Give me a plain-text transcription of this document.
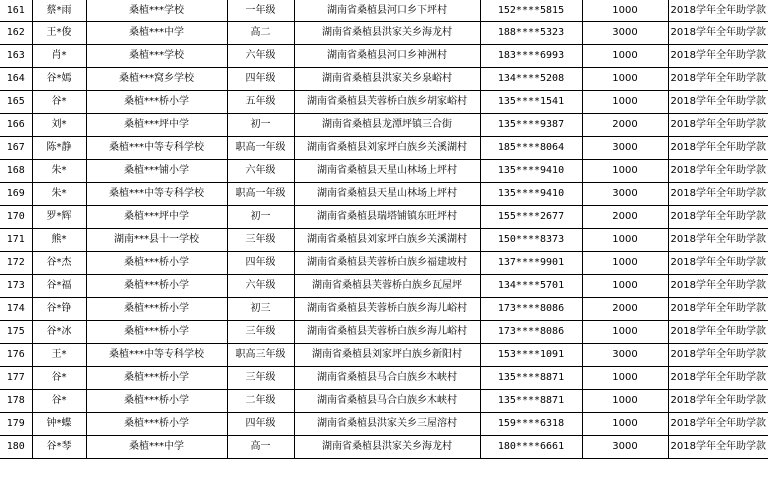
161	蔡*雨	桑植***学校	一年级	湖南省桑植县河口乡下坪村	152****5815	1000	2018学年全年助学款
162	王*俊	桑植***中学	高二	湖南省桑植县洪家关乡海龙村	188****5323	3000	2018学年全年助学款
163	肖*	桑植***学校	六年级	湖南省桑植县河口乡神洲村	183****6993	1000	2018学年全年助学款
164	谷*嫣	桑植***窝乡学校	四年级	湖南省桑植县洪家关乡泉峪村	134****5208	1000	2018学年全年助学款
165	谷*	桑植***桥小学	五年级	湖南省桑植县芙蓉桥白族乡胡家峪村	135****1541	1000	2018学年全年助学款
166	刘*	桑植***坪中学	初一	湖南省桑植县龙潭坪镇三合街	135****9387	2000	2018学年全年助学款
167	陈*静	桑植***中等专科学校	职高一年级	湖南省桑植县刘家坪白族乡关溪湖村	185****8064	3000	2018学年全年助学款
168	朱*	桑植***铺小学	六年级	湖南省桑植县天星山林场上坪村	135****9410	1000	2018学年全年助学款
169	朱*	桑植***中等专科学校	职高一年级	湖南省桑植县天星山林场上坪村	135****9410	3000	2018学年全年助学款
170	罗*辉	桑植***坪中学	初一	湖南省桑植县瑞塔铺镇东旺坪村	155****2677	2000	2018学年全年助学款
171	熊*	湖南***县十一学校	三年级	湖南省桑植县刘家坪白族乡关溪湖村	150****8373	1000	2018学年全年助学款
172	谷*杰	桑植***桥小学	四年级	湖南省桑植县芙蓉桥白族乡福建坡村	137****9901	1000	2018学年全年助学款
173	谷*福	桑植***桥小学	六年级	湖南省桑植县芙蓉桥白族乡瓦屋坪	134****5701	1000	2018学年全年助学款
174	谷*铮	桑植***桥小学	初三	湖南省桑植县芙蓉桥白族乡海儿峪村	173****8086	2000	2018学年全年助学款
175	谷*冰	桑植***桥小学	三年级	湖南省桑植县芙蓉桥白族乡海儿峪村	173****8086	1000	2018学年全年助学款
176	王*	桑植***中等专科学校	职高三年级	湖南省桑植县刘家坪白族乡新阳村	153****1091	3000	2018学年全年助学款
177	谷*	桑植***桥小学	三年级	湖南省桑植县马合白族乡木峡村	135****8871	1000	2018学年全年助学款
178	谷*	桑植***桥小学	二年级	湖南省桑植县马合白族乡木峡村	135****8871	1000	2018学年全年助学款
179	钟*蝶	桑植***桥小学	四年级	湖南省桑植县洪家关乡三屋溶村	159****6318	1000	2018学年全年助学款
180	谷*琴	桑植***中学	高一	湖南省桑植县洪家关乡海龙村	180****6661	3000	2018学年全年助学款
